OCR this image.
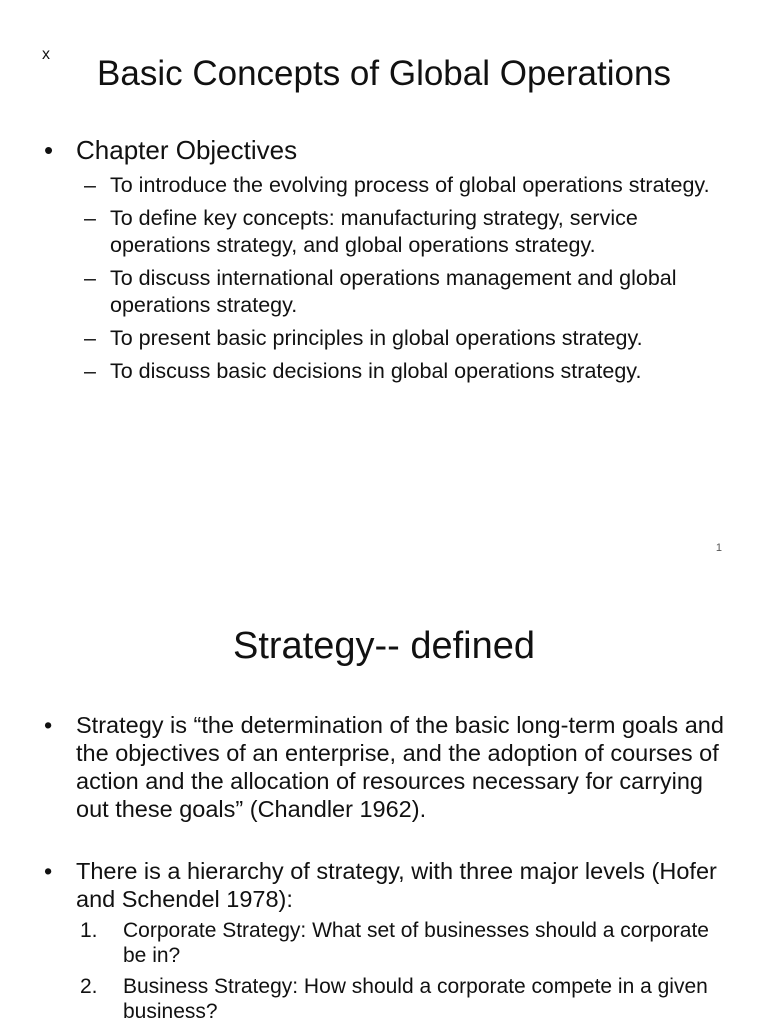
x	Basic Concepts of Global Operations
• Chapter Objectives
– To introduce the evolving process of global operations strategy.
– To define key concepts: manufacturing strategy, service operations strategy, and global operations strategy.
– To discuss international operations management and global operations strategy.
– To present basic principles in global operations strategy.
– To discuss basic decisions in global operations strategy.
1
Strategy-- defined
•	Strategy is “the determination of the basic long-term goals and the objectives of an enterprise, and the adoption of courses of action and the allocation of resources necessary for carrying out these goals” (Chandler 1962).
•	There is a hierarchy of strategy, with three major levels (Hofer and Schendel 1978):
1.	Corporate Strategy: What set of businesses should a corporate be in?
2.	Business Strategy: How should a corporate compete in a given business?
